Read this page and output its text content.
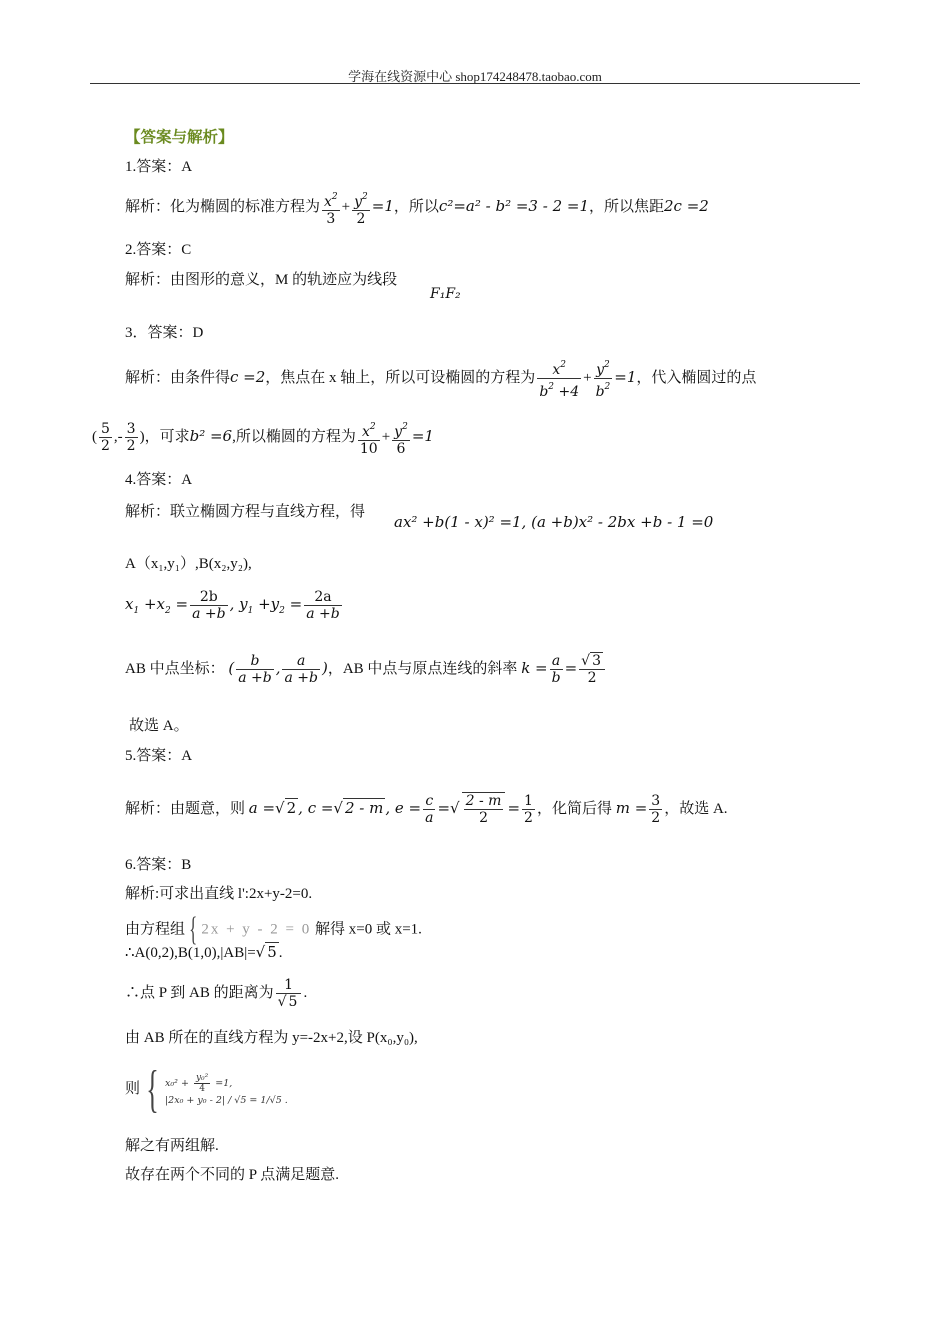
学海在线资源中心 shop174248478.taobao.com
【答案与解析】
1.答案：A
解析：化为椭圆的标准方程为 $\frac{x^2}{3} + \frac{y^2}{2} =1$，所以c²=a² - b² =3 - 2 =1，所以焦距2c =2
2.答案：C
解析：由图形的意义，M 的轨迹应为线段
F₁F₂
3．答案：D
解析：由条件得c =2，焦点在 x 轴上，所以可设椭圆的方程为 $\frac{x^2}{b^2 +4} + \frac{y^2}{b^2} =1$，代入椭圆过的点
( $\frac{5}{2}$ ,- $\frac{3}{2}$ )，可求b² =6,所以椭圆的方程为 $\frac{x^2}{10} + \frac{y^2}{6} =1$
4.答案：A
解析：联立椭圆方程与直线方程，得
ax² +b(1 - x)² =1, (a +b)x² - 2bx +b - 1 =0
A（x₁,y₁）,B(x₂,y₂),
$x_1 +x_2 = \frac{2b}{a +b}$ , $y_1 +y_2 = \frac{2a}{a +b}$
AB 中点坐标： ( $\frac{b}{a +b}$ , $\frac{a}{a +b}$ )，AB 中点与原点连线的斜率 $k = \frac{a}{b} = \frac{√ 3}{2}$
故选 A。
5.答案：A
解析：由题意，则 a =√ 2 , c =√ 2 - m , $e = \frac{c}{a}$ =√ $\frac{2 - m}{2} = \frac{1}{2}$ ，化简后得 $m = \frac{3}{2}$ ，故选 A.
6.答案：B
解析:可求出直线 l':2x+y-2=0.
由方程组 { 2x + y - 2 = 0 解得 x=0 或 x=1.
∴A(0,2),B(1,0),|AB|=√ 5 .
∴点 P 到 AB 的距离为 $\frac{1}{√ 5}$ .
由 AB 所在的直线方程为 y=-2x+2,设 P(x₀,y₀),
则 { $x_0^2 + \frac{\text{y₀²}}{4} =1$,
|2x₀ + y₀ - 2| / √5 = 1/√5 .
解之有两组解.
故存在两个不同的 P 点满足题意.
